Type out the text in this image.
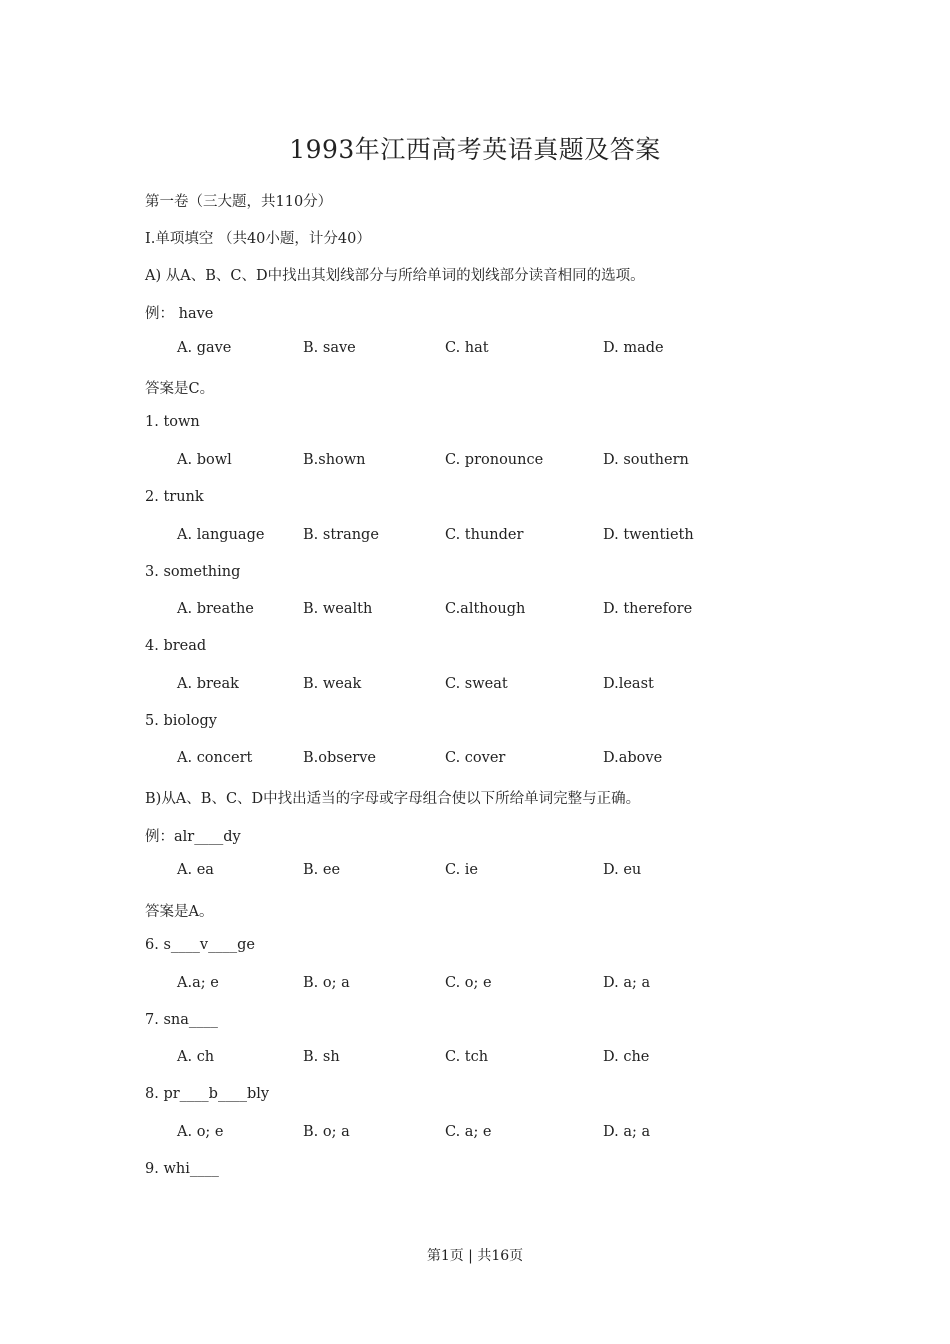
1993年江西高考英语真题及答案
第一卷（三大题，共110分）
Ⅰ.单项填空 （共40小题，计分40）
A) 从A、B、C、D中找出其划线部分与所给单词的划线部分读音相同的选项。
例： have
A. gave	B. save	C. hat	D. made
答案是C。
1. town
A. bowl	B.shown	C. pronounce	D. southern
2. trunk
A. language	B. strange	C. thunder	D. twentieth
3. something
A. breathe	B. wealth	C.although	D. therefore
4. bread
A. break	B. weak	C. sweat	D.least
5. biology
A. concert	B.observe	C. cover	D.above
B)从A、B、C、D中找出适当的字母或字母组合使以下所给单词完整与正确。
例：alr____dy
A. ea	B. ee	C. ie	D. eu
答案是A。
6. s____v____ge
A.a; e	B. o; a	C. o; e	D. a; a
7. sna____
A. ch	B. sh	C. tch	D. che
8. pr____b____bly
A. o; e	B. o; a	C. a; e	D. a; a
9. whi____
第1页 | 共16页
